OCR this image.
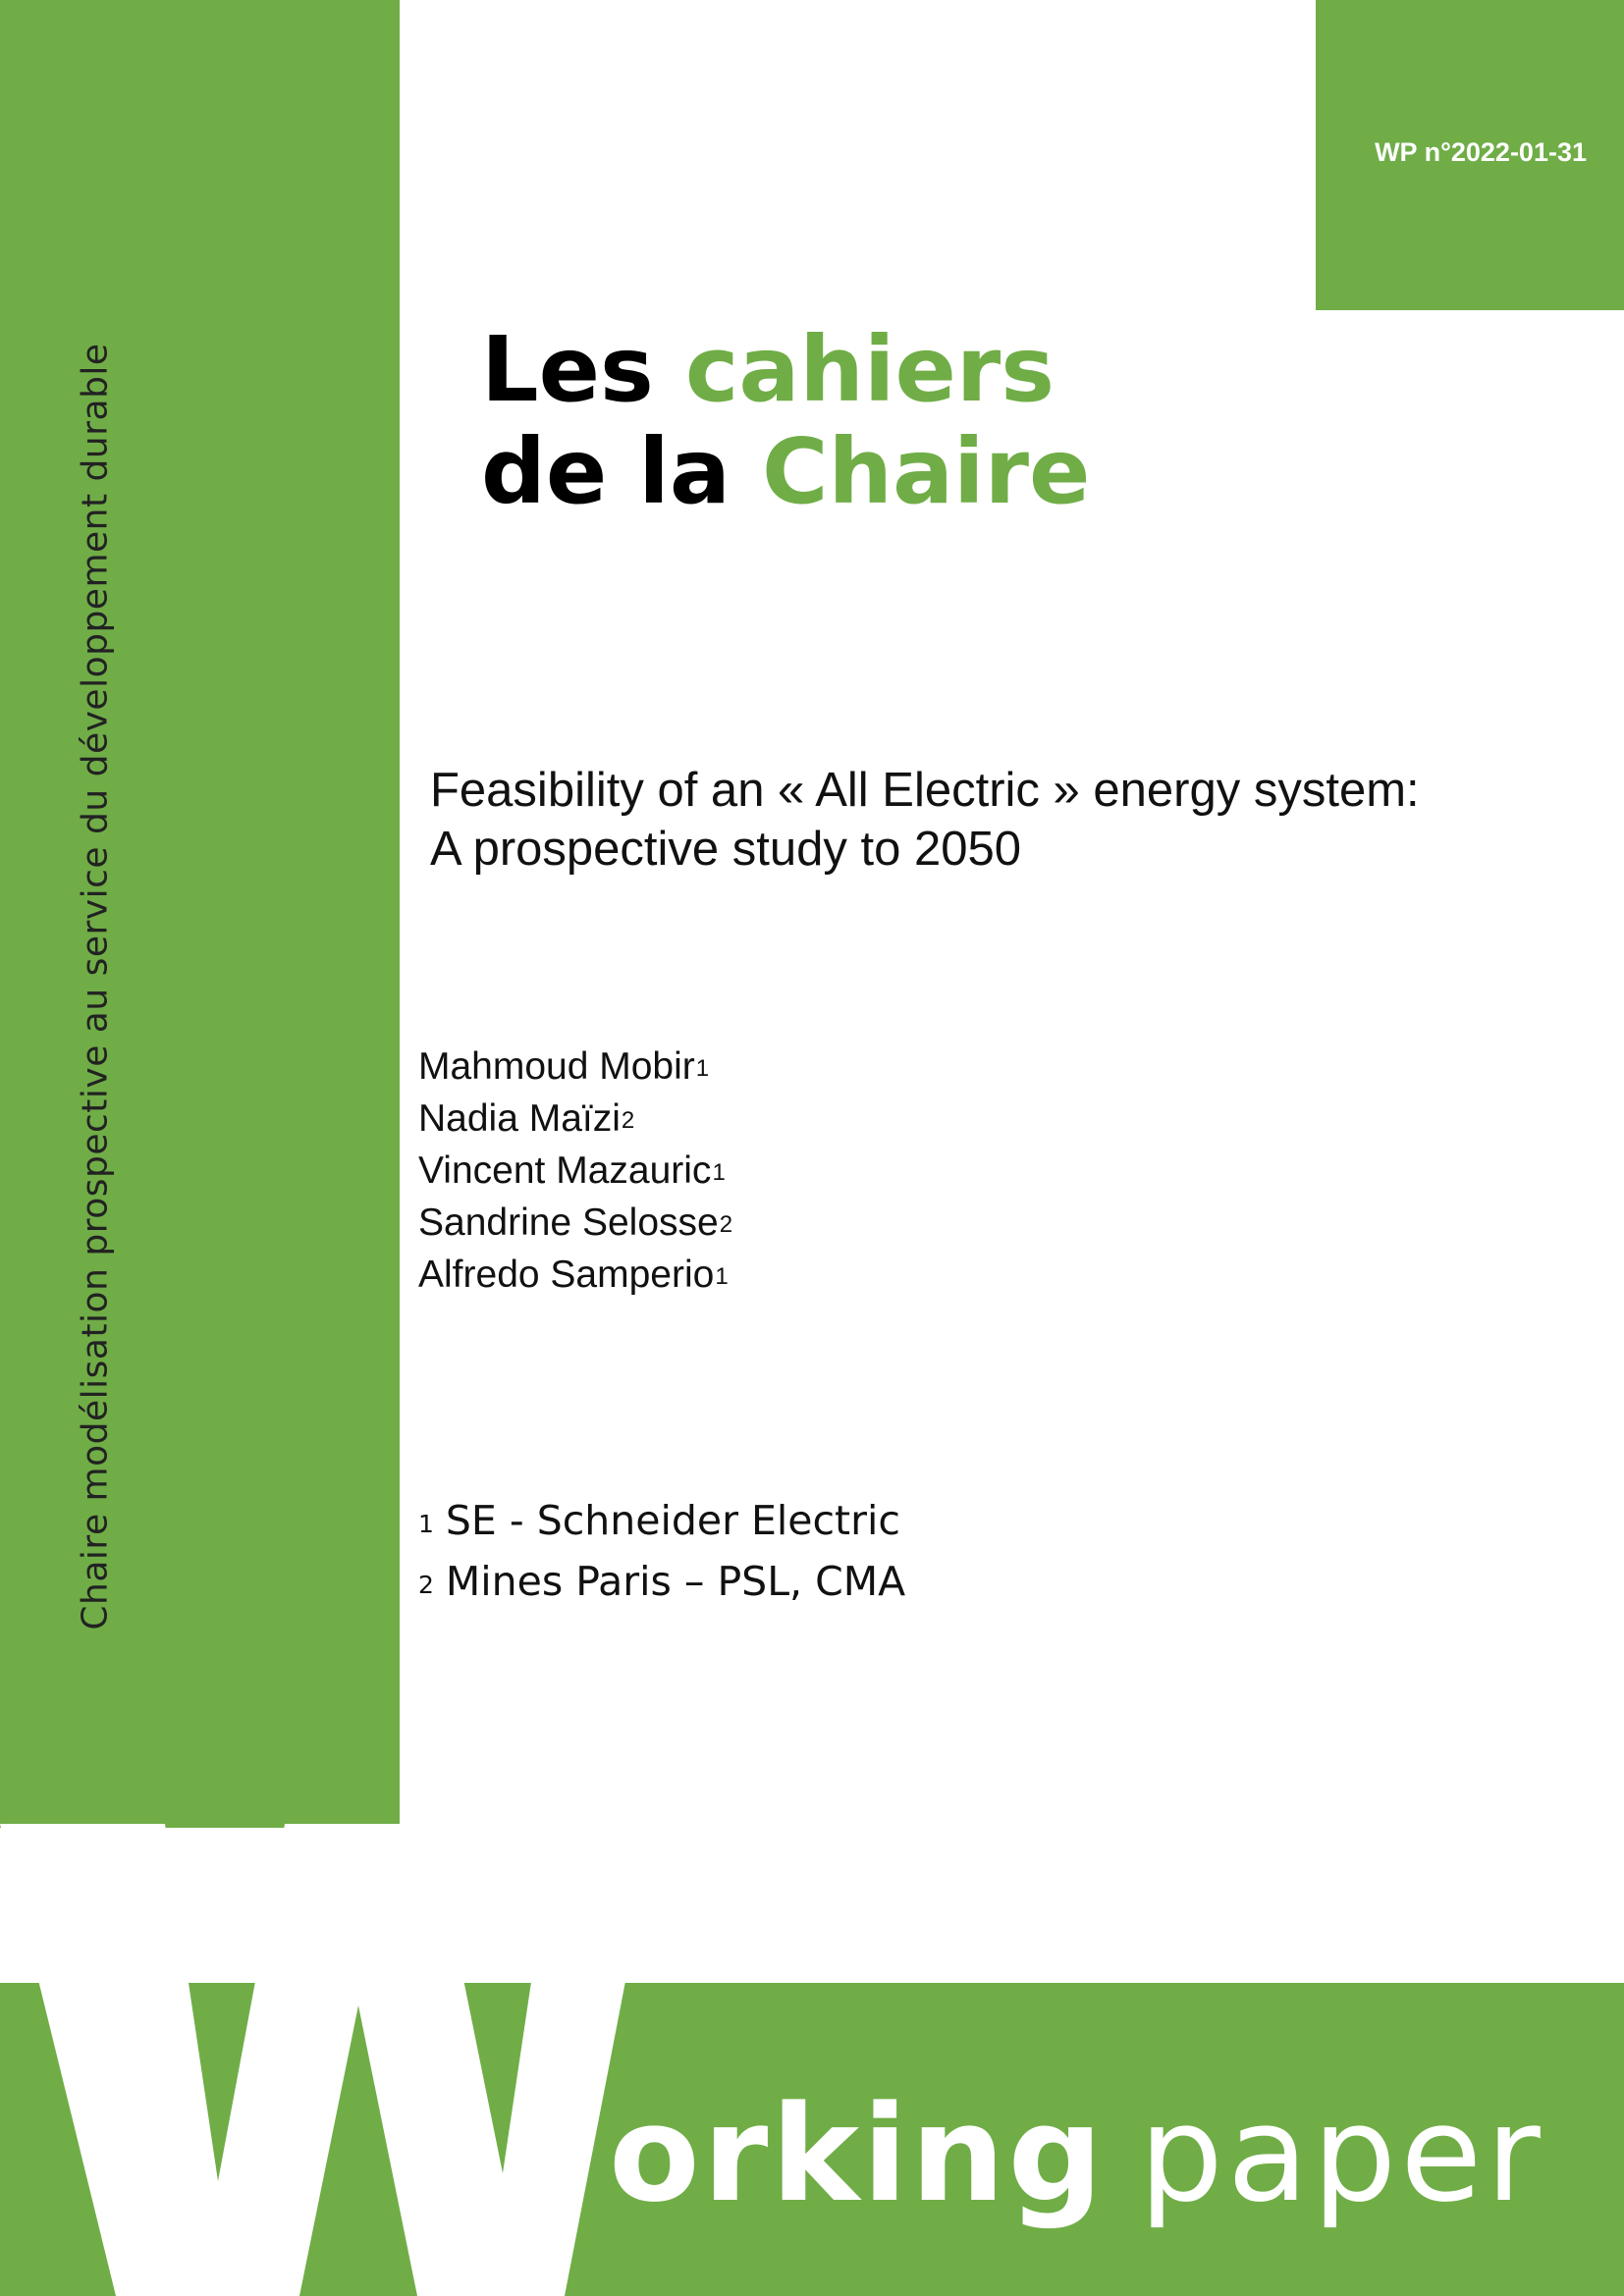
WP n°2022-01-31
Chaire modélisation prospective au service du développement durable	Les cahiers
de la Chaire
Feasibility of an « All Electric » energy system:
A prospective study to 2050
Mahmoud Mobir$^1$
Nadia Maïzi$^2$
Vincent Mazauric$^1$
Sandrine Selosse$^2$
Alfredo Samperio$^1$
$^1$ SE - Schneider Electric
$^2$ Mines Paris – PSL, CMA
orking paper
